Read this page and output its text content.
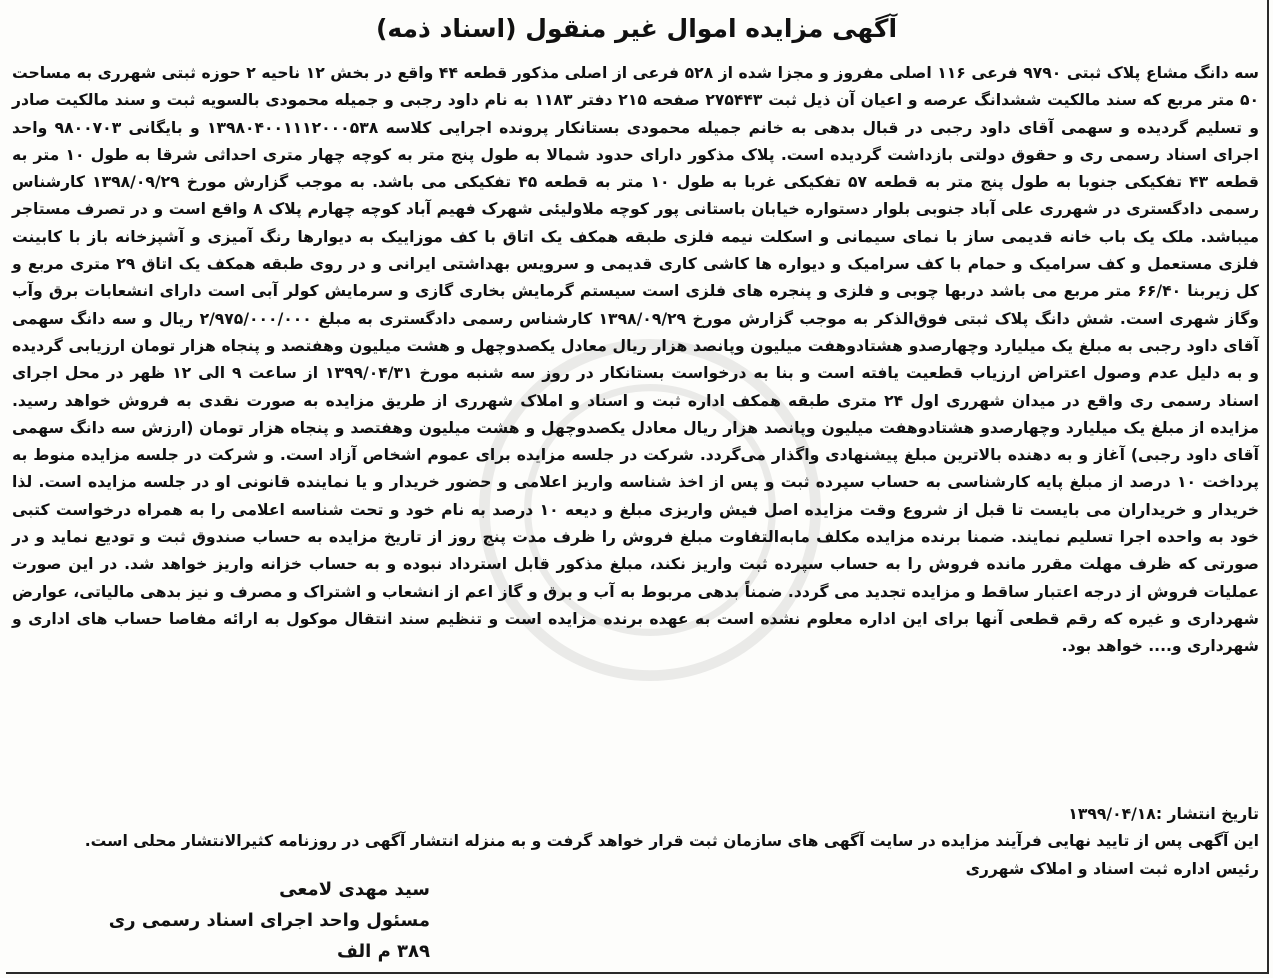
آگهی مزایده اموال غیر منقول (اسناد ذمه)

سه دانگ مشاع پلاک ثبتی ۹۷۹۰ فرعی ۱۱۶ اصلی مفروز و مجزا شده از ۵۲۸ فرعی از اصلی مذکور قطعه ۴۴ واقع در بخش ۱۲ ناحیه ۲ حوزه ثبتی شهرری به مساحت ۵۰ متر مربع که سند مالکیت ششدانگ عرصه و اعیان آن ذیل ثبت ۲۷۵۴۴۳ صفحه ۲۱۵ دفتر ۱۱۸۳ به نام داود رجبی و جمیله محمودی بالسویه ثبت و سند مالکیت صادر و تسلیم گردیده و سهمی آقای داود رجبی در قبال بدهی به خانم جمیله محمودی بستانکار پرونده اجرایی کلاسه ۱۳۹۸۰۴۰۰۱۱۱۲۰۰۰۵۳۸ و بایگانی ۹۸۰۰۷۰۳ واحد اجرای اسناد رسمی ری و حقوق دولتی بازداشت گردیده است. پلاک مذکور دارای حدود شمالا به طول پنج متر به کوچه چهار متری احداثی شرقا به طول ۱۰ متر به قطعه ۴۳ تفکیکی جنوبا به طول پنج متر به قطعه ۵۷ تفکیکی غربا به طول ۱۰ متر به قطعه ۴۵ تفکیکی می باشد. به موجب گزارش مورخ ۱۳۹۸/۰۹/۲۹ کارشناس رسمی دادگستری در شهرری علی آباد جنوبی بلوار دستواره خیابان باستانی پور کوچه ملاولیئی شهرک فهیم آباد کوچه چهارم پلاک ۸ واقع است و در تصرف مستاجر میباشد. ملک یک باب خانه قدیمی ساز با نمای سیمانی و اسکلت نیمه فلزی طبقه همکف یک اتاق با کف موزاییک به دیوارها رنگ آمیزی و آشپزخانه باز با کابینت فلزی مستعمل و کف سرامیک و حمام با کف سرامیک و دیواره ها کاشی کاری قدیمی و سرویس بهداشتی ایرانی و در روی طبقه همکف یک اتاق ۲۹ متری مربع و کل زیربنا ۶۶/۴۰ متر مربع می باشد دربها چوبی و فلزی و پنجره های فلزی است سیستم گرمایش بخاری گازی و سرمایش کولر آبی است دارای انشعابات برق وآب وگاز شهری است. شش دانگ پلاک ثبتی فوق‌الذکر به موجب گزارش مورخ ۱۳۹۸/۰۹/۲۹ کارشناس رسمی دادگستری به مبلغ ۲/۹۷۵/۰۰۰/۰۰۰ ریال و سه دانگ سهمی آقای داود رجبی به مبلغ یک میلیارد وچهارصدو هشتادوهفت میلیون وپانصد هزار ریال معادل یکصدوچهل و هشت میلیون وهفتصد و پنجاه هزار تومان ارزیابی گردیده و به دلیل عدم وصول اعتراض ارزیاب قطعیت یافته است و بنا به درخواست بستانکار در روز سه شنبه مورخ ۱۳۹۹/۰۴/۳۱ از ساعت ۹ الی ۱۲ ظهر در محل اجرای اسناد رسمی ری واقع در میدان شهرری اول ۲۴ متری طبقه همکف اداره ثبت و اسناد و املاک شهرری از طریق مزایده به صورت نقدی به فروش خواهد رسید. مزایده از مبلغ یک میلیارد وچهارصدو هشتادوهفت میلیون وپانصد هزار ریال معادل یکصدوچهل و هشت میلیون وهفتصد و پنجاه هزار تومان (ارزش سه دانگ سهمی آقای داود رجبی) آغاز و به دهنده بالاترین مبلغ پیشنهادی واگذار می‌گردد. شرکت در جلسه مزایده برای عموم اشخاص آزاد است. و شرکت در جلسه مزایده منوط به پرداخت ۱۰ درصد از مبلغ پایه کارشناسی به حساب سپرده ثبت و پس از اخذ شناسه واریز اعلامی و حضور خریدار و یا نماینده قانونی او در جلسه مزایده است. لذا خریدار و خریداران می بایست تا قبل از شروع وقت مزایده اصل فیش واریزی مبلغ و دیعه ۱۰ درصد به نام خود و تحت شناسه اعلامی را به همراه درخواست کتبی خود به واحده اجرا تسلیم نمایند. ضمنا برنده مزایده مکلف مابه‌التفاوت مبلغ فروش را ظرف مدت پنج روز از تاریخ مزایده به حساب صندوق ثبت و تودیع نماید و در صورتی که ظرف مهلت مقرر مانده فروش را به حساب سپرده ثبت واریز نکند، مبلغ مذکور قابل استرداد نبوده و به حساب خزانه واریز خواهد شد. در این صورت عملیات فروش از درجه اعتبار ساقط و مزایده تجدید می گردد. ضمناً بدهی مربوط به آب و برق و گاز اعم از انشعاب و اشتراک و مصرف و نیز بدهی مالیاتی، عوارض شهرداری و غیره که رقم قطعی آنها برای این اداره معلوم نشده است به عهده برنده مزایده است و تنظیم سند انتقال موکول به ارائه مفاصا حساب های اداری و شهرداری و.... خواهد بود.

تاریخ انتشار :۱۳۹۹/۰۴/۱۸

این آگهی پس از تایید نهایی فرآیند مزایده در سایت آگهی های سازمان ثبت قرار خواهد گرفت و به منزله انتشار آگهی در روزنامه کثیرالانتشار محلی است.

رئیس اداره ثبت اسناد و املاک شهرری

سید مهدی لامعی
مسئول واحد اجرای اسناد رسمی ری
۳۸۹ م الف
